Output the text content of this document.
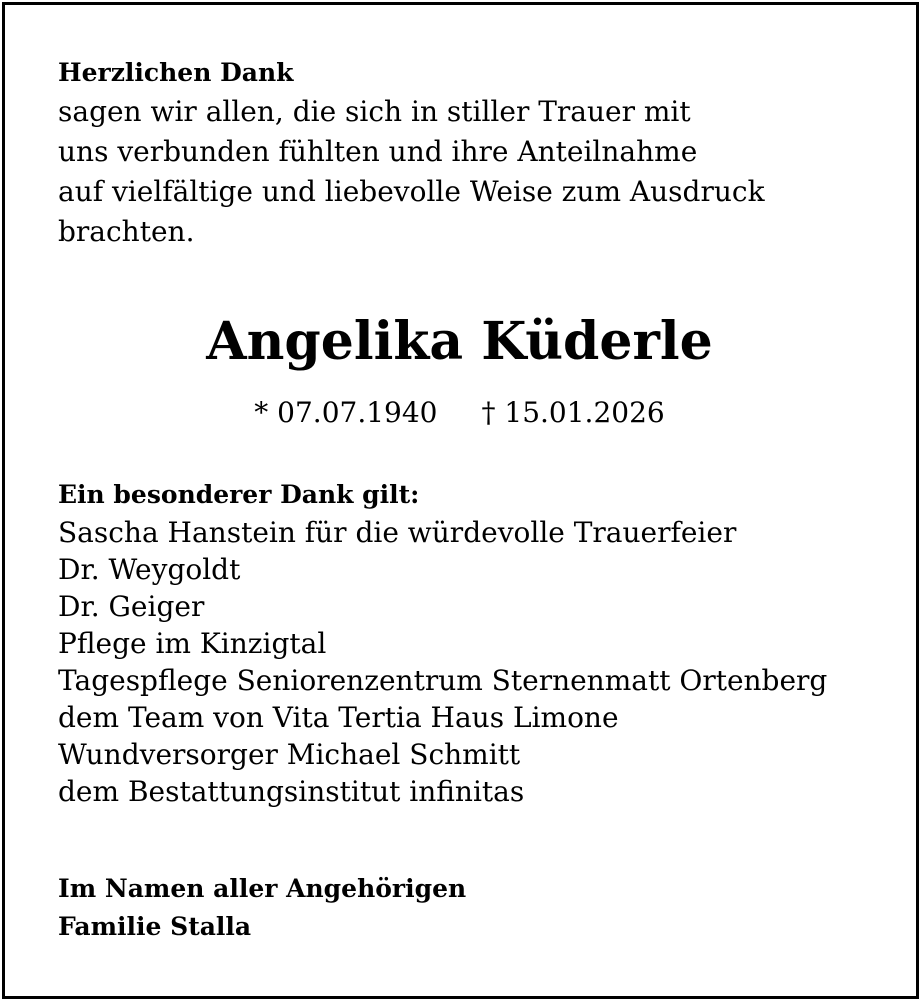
Herzlichen Dank

sagen wir allen, die sich in stiller Trauer mit
uns verbunden fühlten und ihre Anteilnahme
auf vielfältige und liebevolle Weise zum Ausdruck
brachten.

Angelika Küderle
* 07.07.1940 † 15.01.2026

Ein besonderer Dank gilt:

Sascha Hanstein für die würdevolle Trauerfeier
Dr. Weygoldt
Dr. Geiger
Pflege im Kinzigtal
Tagespflege Seniorenzentrum Sternenmatt Ortenberg
dem Team von Vita Tertia Haus Limone
Wundversorger Michael Schmitt
dem Bestattungsinstitut infinitas

Im Namen aller Angehörigen

Familie Stalla
